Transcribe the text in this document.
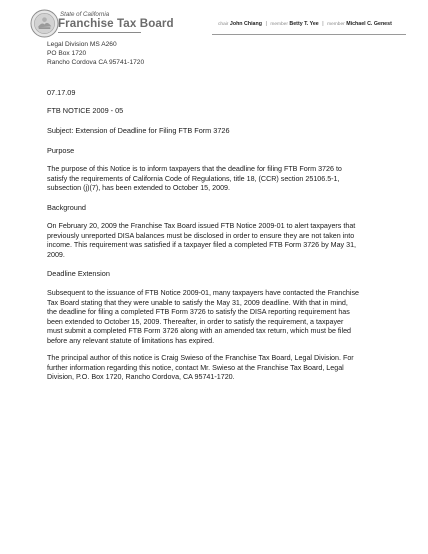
State of California
Franchise Tax Board	chair John Chiang | member Betty T. Yee | member Michael C. Genest
Legal Division MS A260
PO Box 1720
Rancho Cordova CA 95741-1720
07.17.09
FTB NOTICE 2009 - 05
Subject: Extension of Deadline for Filing FTB Form 3726
Purpose
The purpose of this Notice is to inform taxpayers that the deadline for filing FTB Form 3726 to
satisfy the requirements of California Code of Regulations, title 18, (CCR) section 25106.5-1,
subsection (j)(7), has been extended to October 15, 2009.
Background
On February 20, 2009 the Franchise Tax Board issued FTB Notice 2009-01 to alert taxpayers that
previously unreported DISA balances must be disclosed in order to ensure they are not taken into
income. This requirement was satisfied if a taxpayer filed a completed FTB Form 3726 by May 31,
2009.
Deadline Extension
Subsequent to the issuance of FTB Notice 2009-01, many taxpayers have contacted the Franchise
Tax Board stating that they were unable to satisfy the May 31, 2009 deadline. With that in mind,
the deadline for filing a completed FTB Form 3726 to satisfy the DISA reporting requirement has
been extended to October 15, 2009. Thereafter, in order to satisfy the requirement, a taxpayer
must submit a completed FTB Form 3726 along with an amended tax return, which must be filed
before any relevant statute of limitations has expired.
The principal author of this notice is Craig Swieso of the Franchise Tax Board, Legal Division. For
further information regarding this notice, contact Mr. Swieso at the Franchise Tax Board, Legal
Division, P.O. Box 1720, Rancho Cordova, CA 95741-1720.
